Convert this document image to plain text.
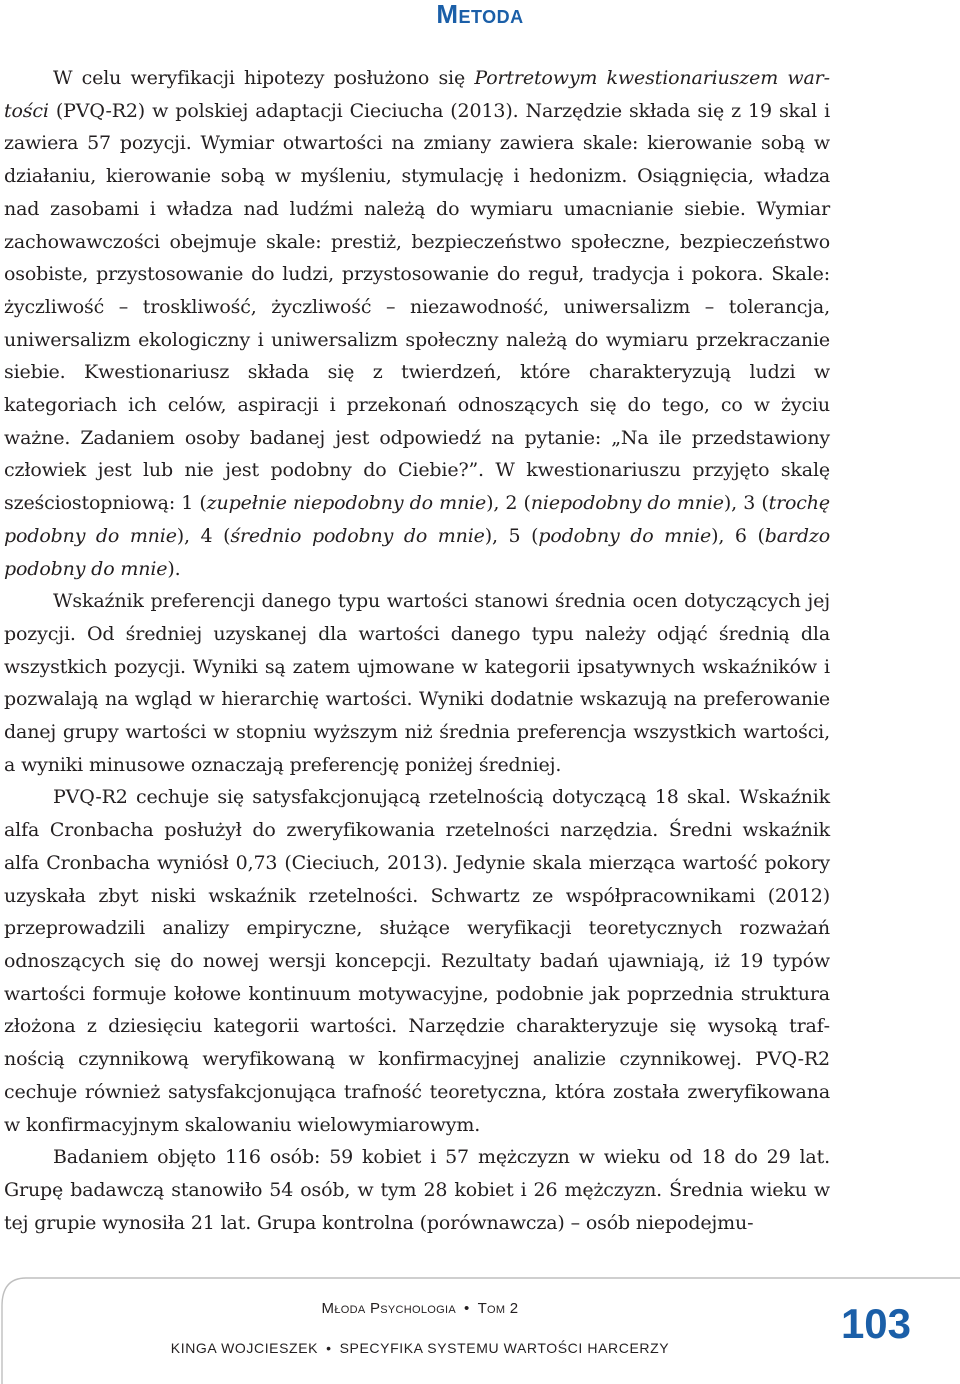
Metoda

W celu weryfikacji hipotezy posłużono się Portretowym kwestionariuszem wartości (PVQ-R2) w polskiej adaptacji Cieciucha (2013). Narzędzie składa się z 19 skal i zawiera 57 pozycji. Wymiar otwartości na zmiany zawiera skale: kierowanie sobą w działaniu, kierowanie sobą w myśleniu, stymulację i hedonizm. Osiągnięcia, władza nad zasobami i władza nad ludźmi należą do wymiaru umacnianie siebie. Wymiar zachowawczości obejmuje skale: prestiż, bezpieczeństwo społeczne, bezpieczeństwo osobiste, przystosowanie do ludzi, przystosowanie do reguł, tradycja i pokora. Skale: życzliwość – troskliwość, życzliwość – niezawodność, uniwersalizm – tolerancja, uniwersalizm ekologiczny i uniwersalizm społeczny należą do wymiaru przekraczanie siebie. Kwestionariusz składa się z twierdzeń, które charakteryzują ludzi w kategoriach ich celów, aspiracji i przekonań odnoszących się do tego, co w życiu ważne. Zadaniem osoby badanej jest odpowiedź na pytanie: „Na ile przedstawiony człowiek jest lub nie jest podobny do Ciebie?”. W kwestionariuszu przyjęto skalę sześciostopniową: 1 (zupełnie niepodobny do mnie), 2 (niepodobny do mnie), 3 (trochę podobny do mnie), 4 (średnio podobny do mnie), 5 (podobny do mnie), 6 (bardzo podobny do mnie).

Wskaźnik preferencji danego typu wartości stanowi średnia ocen dotyczących jej pozycji. Od średniej uzyskanej dla wartości danego typu należy odjąć średnią dla wszystkich pozycji. Wyniki są zatem ujmowane w kategorii ipsatywnych wskaźników i pozwalają na wgląd w hierarchię wartości. Wyniki dodatnie wskazują na preferowanie danej grupy wartości w stopniu wyższym niż średnia preferencja wszystkich wartości, a wyniki minusowe oznaczają preferencję poniżej średniej.

PVQ-R2 cechuje się satysfakcjonującą rzetelnością dotyczącą 18 skal. Wskaźnik alfa Cronbacha posłużył do zweryfikowania rzetelności narzędzia. Średni wskaźnik alfa Cronbacha wyniósł 0,73 (Cieciuch, 2013). Jedynie skala mierząca wartość pokory uzyskała zbyt niski wskaźnik rzetelności. Schwartz ze współpracownikami (2012) przeprowadzili analizy empiryczne, służące weryfikacji teoretycznych rozważań odnoszących się do nowej wersji koncepcji. Rezultaty badań ujawniają, iż 19 typów wartości formuje kołowe kontinuum motywacyjne, podobnie jak poprzednia struktura złożona z dziesięciu kategorii wartości. Narzędzie charakteryzuje się wysoką trafnością czynnikową weryfikowaną w konfirmacyjnej analizie czynnikowej. PVQ-R2 cechuje również satysfakcjonująca trafność teoretyczna, która została zweryfikowana w konfirmacyjnym skalowaniu wielowymiarowym.

Badaniem objęto 116 osób: 59 kobiet i 57 mężczyzn w wieku od 18 do 29 lat. Grupę badawczą stanowiło 54 osób, w tym 28 kobiet i 26 mężczyzn. Średnia wieku w tej grupie wynosiła 21 lat. Grupa kontrolna (porównawcza) – osób niepodejmu-

Młoda Psychologia • Tom 2
KINGA WOJCIESZEK • SPECYFIKA SYSTEMU WARTOŚCI HARCERZY
103
